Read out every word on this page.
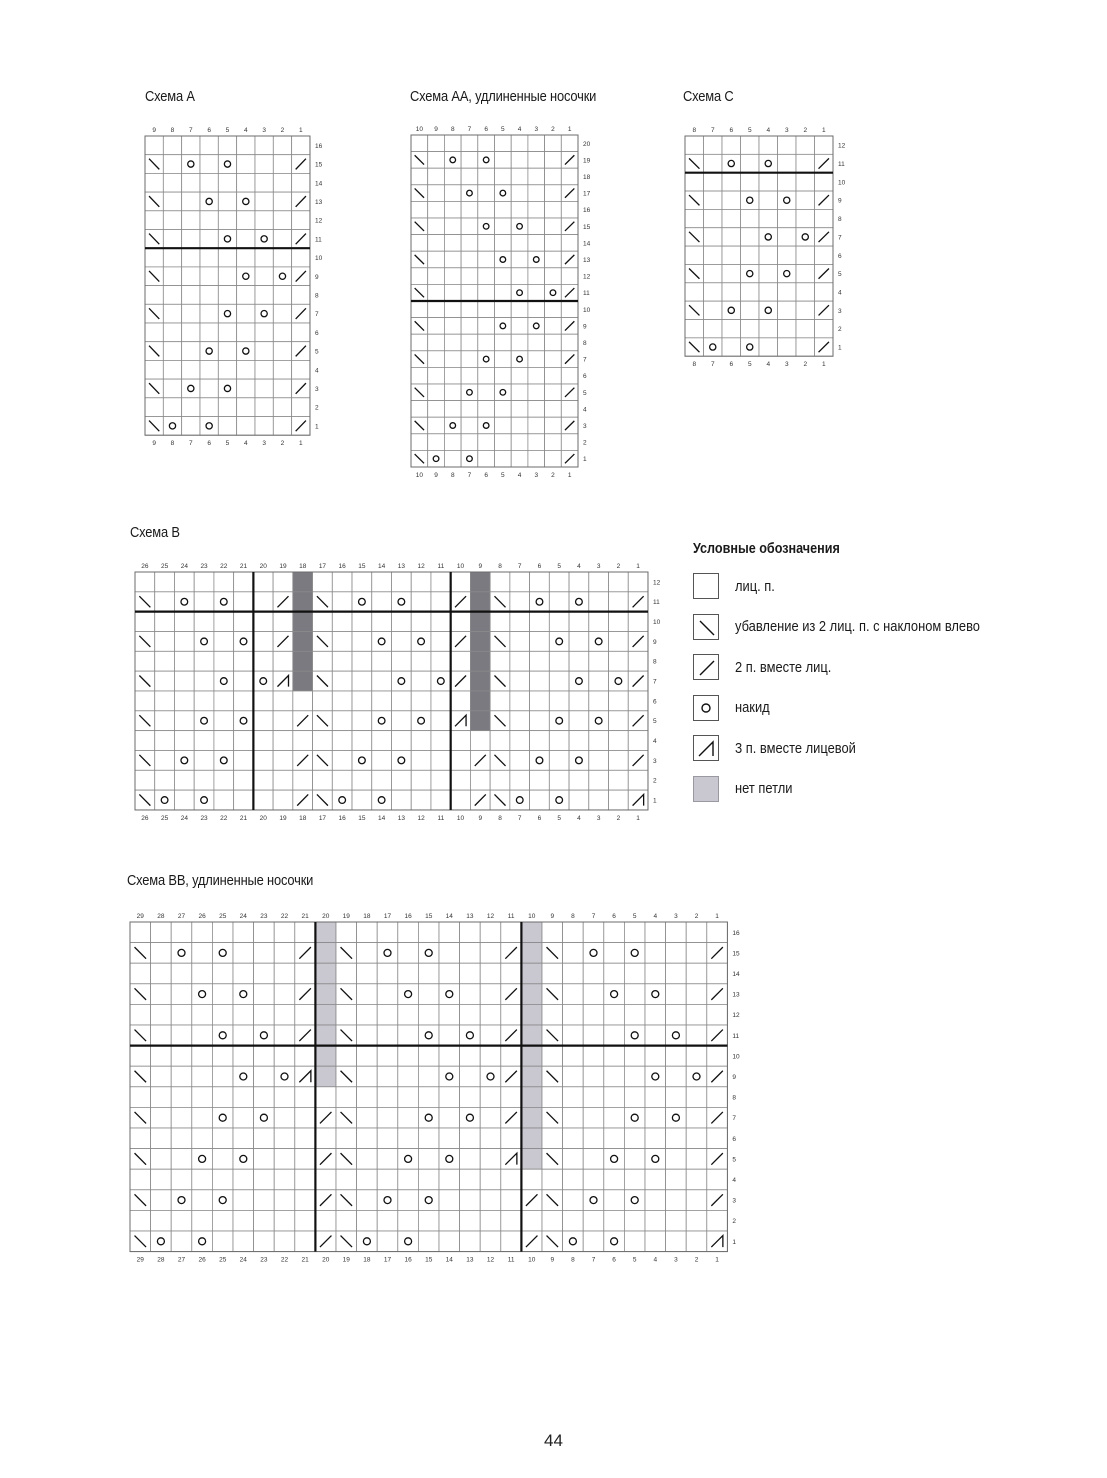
Схема A	Схема AA, удлиненные носочки	Схема C
Схема B
Схема BB, удлиненные носочки
9
9
8
8
7
7
6
6
5
5
4
4
3
3
2
2
1
1
1
2
3
4
5
6
7
8
9
10
11
12
13
14
15
16
10
10
9
9
8
8
7
7
6
6
5
5
4
4
3
3
2
2
1
1
1
2
3
4
5
6
7
8
9
10
11
12
13
14
15
16
17
18
19
20
8
8
7
7
6
6
5
5
4
4
3
3
2
2
1
1
1
2
3
4
5
6
7
8
9
10
11
12
26
26
25
25
24
24
23
23
22
22
21
21
20
20
19
19
18
18
17
17
16
16
15
15
14
14
13
13
12
12
11
11
10
10
9
9
8
8
7
7
6
6
5
5
4
4
3
3
2
2
1
1
1
2
3
4
5
6
7
8
9
10
11
12
29
29
28
28
27
27
26
26
25
25
24
24
23
23
22
22
21
21
20
20
19
19
18
18
17
17
16
16
15
15
14
14
13
13
12
12
11
11
10
10
9
9
8
8
7
7
6
6
5
5
4
4
3
3
2
2
1
1
1
2
3
4
5
6
7
8
9
10
11
12
13
14
15
16
Условные обозначения
лиц. п.
убавление из 2 лиц. п. с наклоном влево
2 п. вместе лиц.
накид
3 п. вместе лицевой
нет петли
44
